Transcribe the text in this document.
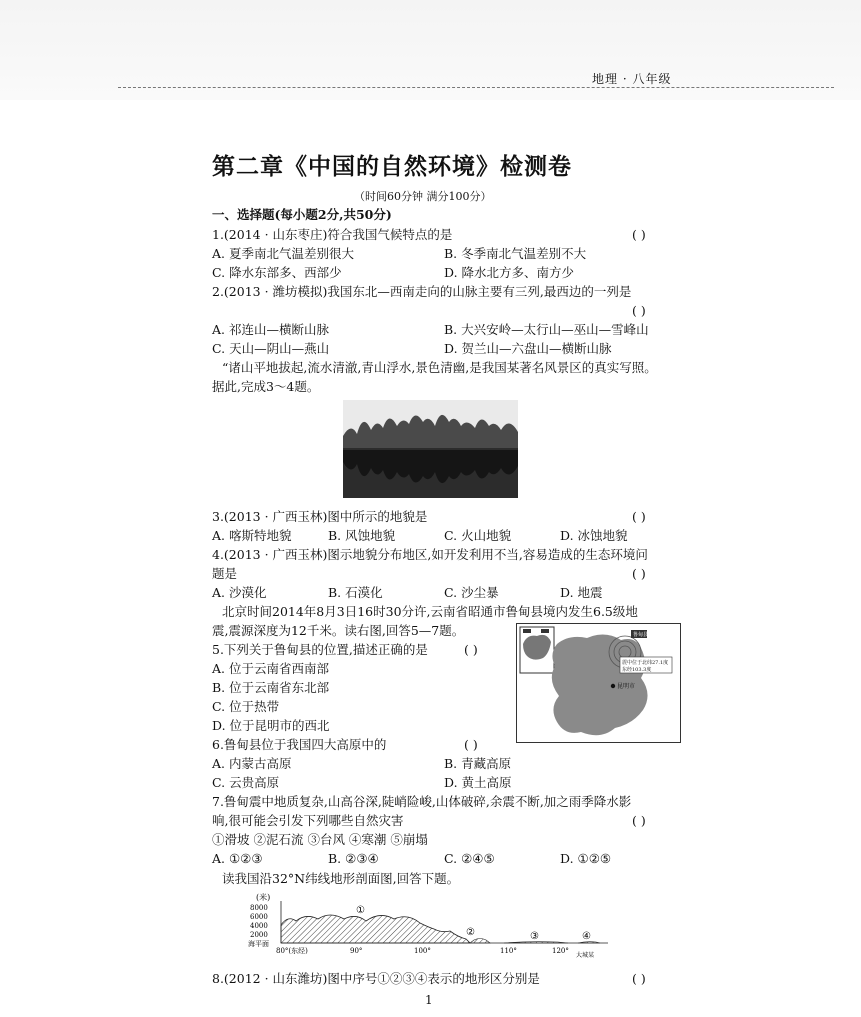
地理 · 八年级
第二章《中国的自然环境》检测卷
（时间60分钟 满分100分）
一、选择题(每小题2分,共50分)
1.(2014 · 山东枣庄)符合我国气候特点的是	( )
A. 夏季南北气温差别很大	B. 冬季南北气温差别不大
C. 降水东部多、西部少	D. 降水北方多、南方少
2.(2013 · 潍坊模拟)我国东北—西南走向的山脉主要有三列,最西边的一列是
( )
A. 祁连山—横断山脉	B. 大兴安岭—太行山—巫山—雪峰山
C. 天山—阴山—燕山	D. 贺兰山—六盘山—横断山脉
“诸山平地拔起,流水清澈,青山浮水,景色清幽,是我国某著名风景区的真实写照。
据此,完成3～4题。
3.(2013 · 广西玉林)图中所示的地貌是	( )
A. 喀斯特地貌	B. 风蚀地貌	C. 火山地貌	D. 冰蚀地貌
4.(2013 · 广西玉林)图示地貌分布地区,如开发利用不当,容易造成的生态环境问
题是	( )
A. 沙漠化	B. 石漠化	C. 沙尘暴	D. 地震
北京时间2014年8月3日16时30分许,云南省昭通市鲁甸县境内发生6.5级地
震,震源深度为12千米。读右图,回答5—7题。	鲁甸县
震中位于北纬27.1度
东经103.3度
昆明市
5.下列关于鲁甸县的位置,描述正确的是	( )
A. 位于云南省西南部
B. 位于云南省东北部
C. 位于热带
D. 位于昆明市的西北
6.鲁甸县位于我国四大高原中的	( )
A. 内蒙古高原	B. 青藏高原
C. 云贵高原	D. 黄土高原
7.鲁甸震中地质复杂,山高谷深,陡峭险峻,山体破碎,余震不断,加之雨季降水影
响,很可能会引发下列哪些自然灾害	( )
①滑坡 ②泥石流 ③台风 ④寒潮 ⑤崩塌
A. ①②③	B. ②③④	C. ②④⑤	D. ①②⑤
读我国沿32°N纬线地形剖面图,回答下题。
(米)
8000
6000
4000
2000
海平面
①
②	③	④
80°(东经)	90°	100°	110°	120°
大城某
8.(2012 · 山东潍坊)图中序号①②③④表示的地形区分别是	( )
1
